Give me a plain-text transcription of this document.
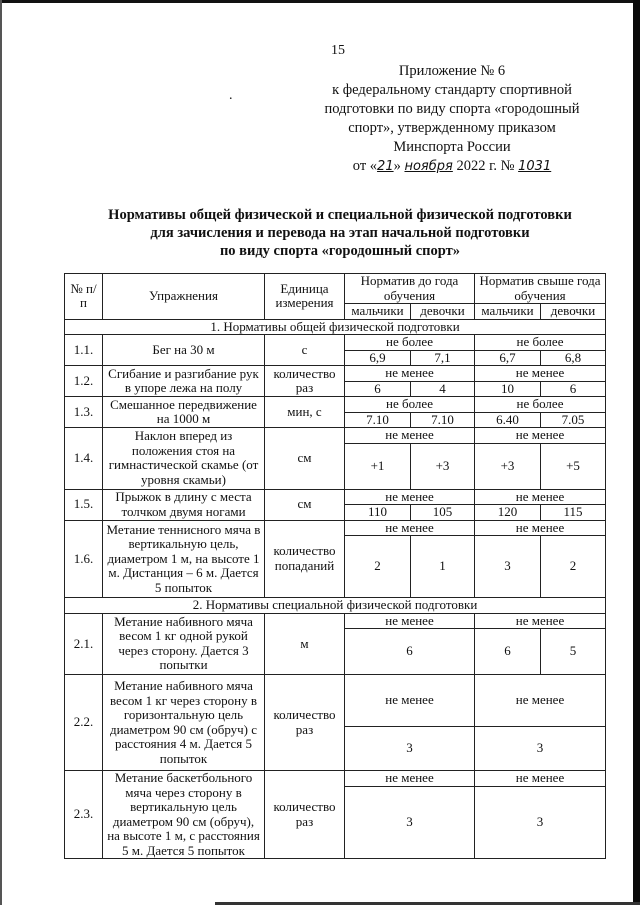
15
.
Приложение № 6
к федеральному стандарту спортивной
подготовки по виду спорта «городошный
спорт», утвержденному приказом
Минспорта России
от «21» ноября 2022 г. № 1031
Нормативы общей физической и специальной физической подготовки
для зачисления и перевода на этап начальной подготовки
по виду спорта «городошный спорт»
№ п/п	Упражнения	Единица измерения	Норматив до года обучения		Норматив свыше года обучения	
			мальчики	девочки	мальчики	девочки
1. Нормативы общей физической подготовки						
1.1.	Бег на 30 м	с	не более		не более	
			6,9	7,1	6,7	6,8
1.2.	Сгибание и разгибание рук в упоре лежа на полу	количество раз	не менее		не менее	
			6	4	10	6
1.3.	Смешанное передвижение на 1000 м	мин, с	не более		не более	
			7.10	7.10	6.40	7.05
1.4.	Наклон вперед из положения стоя на гимнастической скамье (от уровня скамьи)	см	не менее		не менее	
			+1	+3	+3	+5
1.5.	Прыжок в длину с места толчком двумя ногами	см	не менее		не менее	
			110	105	120	115
1.6.	Метание теннисного мяча в вертикальную цель, диаметром 1 м, на высоте 1 м. Дистанция – 6 м. Дается 5 попыток	количество попаданий	не менее		не менее	
			2	1	3	2
2. Нормативы специальной физической подготовки						
2.1.	Метание набивного мяча весом 1 кг одной рукой через сторону. Дается 3 попытки	м	не менее		не менее	
			6		6	5
2.2.	Метание набивного мяча весом 1 кг через сторону в горизонтальную цель диаметром 90 см (обруч) с расстояния 4 м. Дается 5 попыток	количество раз	не менее		не менее	
			3		3	
2.3.	Метание баскетбольного мяча через сторону в вертикальную цель диаметром 90 см (обруч), на высоте 1 м, с расстояния 5 м. Дается 5 попыток	количество раз	не менее		не менее	
			3		3	
